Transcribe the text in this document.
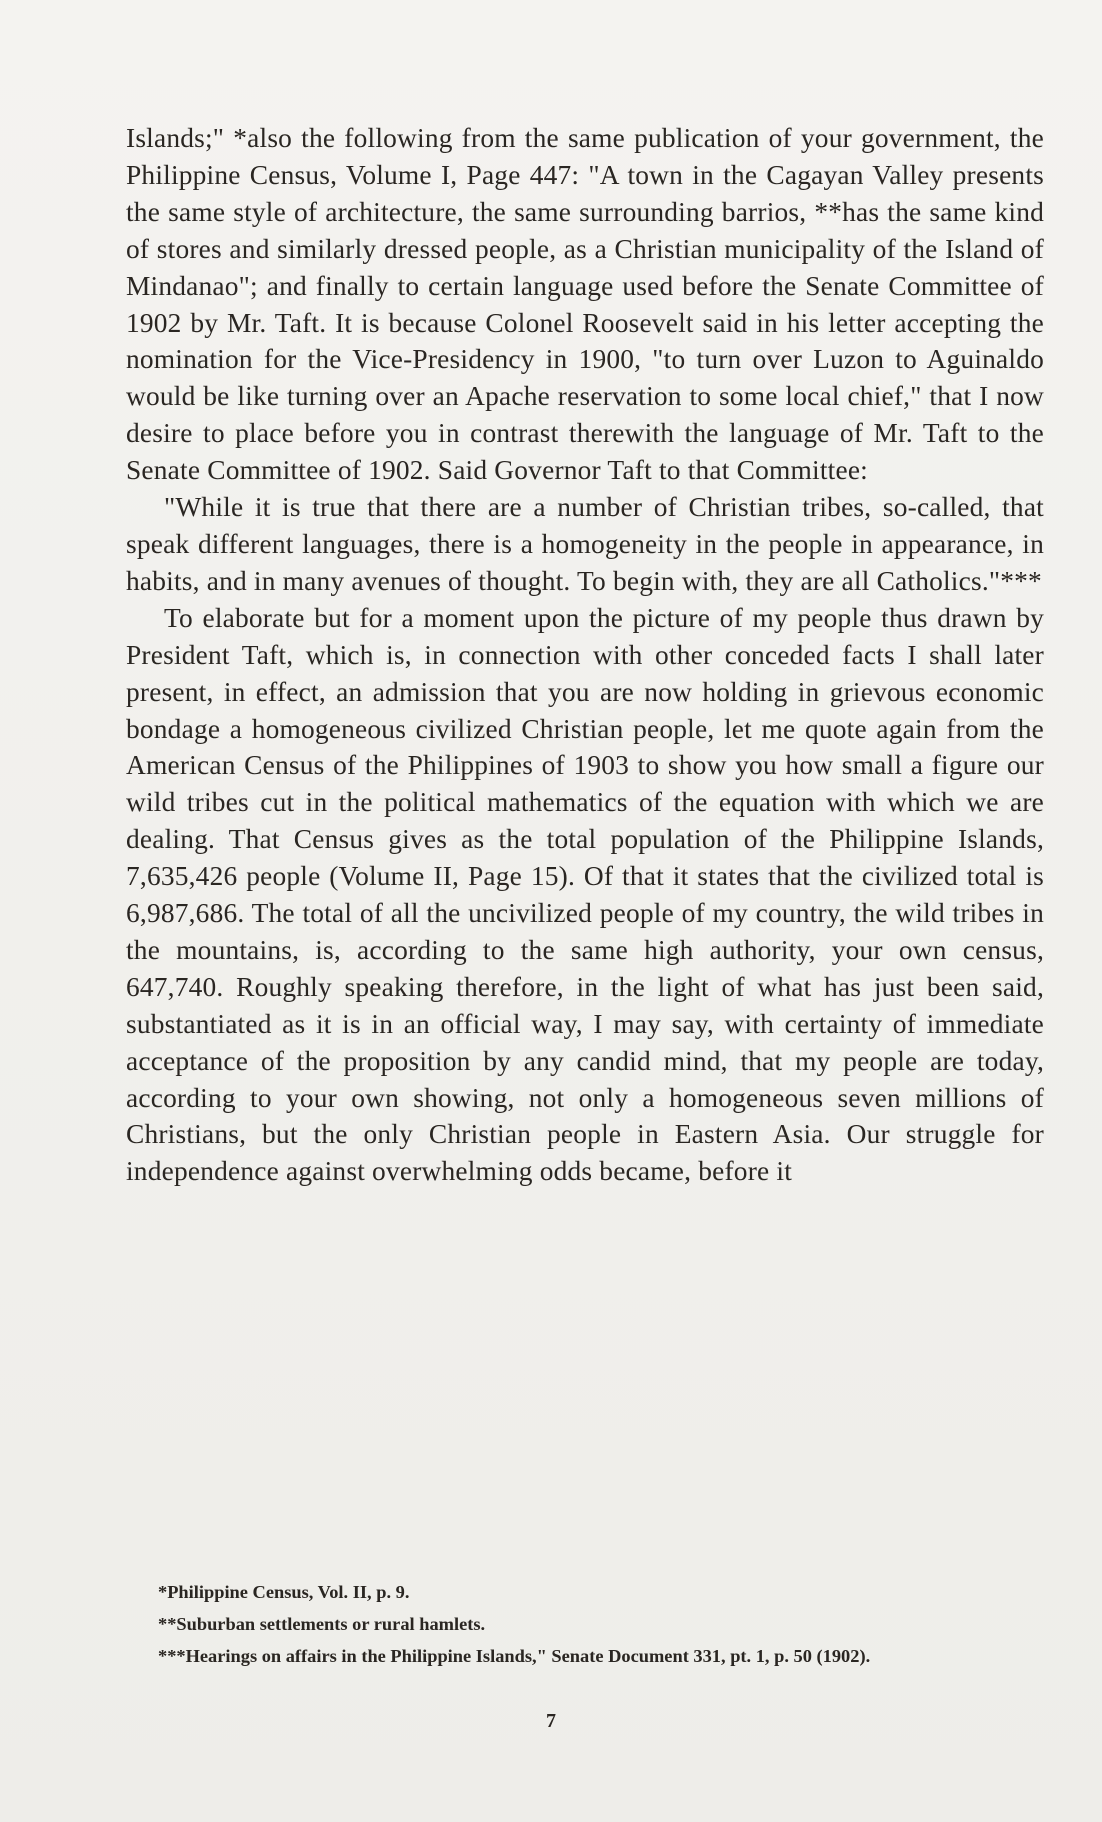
Islands;" *also the following from the same publication of your government, the Philippine Census, Volume I, Page 447: "A town in the Cagayan Valley presents the same style of architecture, the same surrounding barrios, **has the same kind of stores and similarly dressed people, as a Christian municipality of the Island of Mindanao"; and finally to certain language used before the Senate Committee of 1902 by Mr. Taft. It is because Colonel Roosevelt said in his letter accepting the nomination for the Vice-Presidency in 1900, "to turn over Luzon to Aguinaldo would be like turning over an Apache reservation to some local chief," that I now desire to place before you in contrast therewith the language of Mr. Taft to the Senate Committee of 1902. Said Governor Taft to that Committee:

"While it is true that there are a number of Christian tribes, so-called, that speak different languages, there is a homogeneity in the people in appearance, in habits, and in many avenues of thought. To begin with, they are all Catholics."***

To elaborate but for a moment upon the picture of my people thus drawn by President Taft, which is, in connection with other conceded facts I shall later present, in effect, an admission that you are now holding in grievous economic bondage a homogeneous civilized Christian people, let me quote again from the American Census of the Philippines of 1903 to show you how small a figure our wild tribes cut in the political mathematics of the equation with which we are dealing. That Census gives as the total population of the Philippine Islands, 7,635,426 people (Volume II, Page 15). Of that it states that the civilized total is 6,987,686. The total of all the uncivilized people of my country, the wild tribes in the mountains, is, according to the same high authority, your own census, 647,740. Roughly speaking therefore, in the light of what has just been said, substantiated as it is in an official way, I may say, with certainty of immediate acceptance of the proposition by any candid mind, that my people are today, according to your own showing, not only a homogeneous seven millions of Christians, but the only Christian people in Eastern Asia. Our struggle for independence against overwhelming odds became, before it

*Philippine Census, Vol. II, p. 9.

**Suburban settlements or rural hamlets.

***Hearings on affairs in the Philippine Islands," Senate Document 331, pt. 1, p. 50 (1902).

7
